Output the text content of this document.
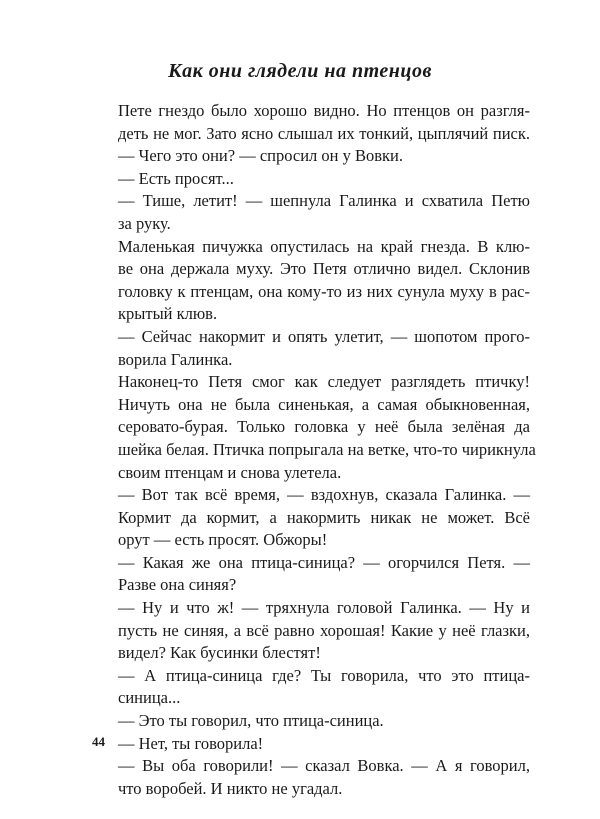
Как они глядели на птенцов
Пете гнездо было хорошо видно. Но птенцов он разгля-
деть не мог. Зато ясно слышал их тонкий, цыплячий писк.
— Чего это они? — спросил он у Вовки.
— Есть просят...
— Тише, летит! — шепнула Галинка и схватила Петю
за руку.
Маленькая пичужка опустилась на край гнезда. В клю-
ве она держала муху. Это Петя отлично видел. Склонив
головку к птенцам, она кому-то из них сунула муху в рас-
крытый клюв.
— Сейчас накормит и опять улетит, — шопотом прого-
ворила Галинка.
Наконец-то Петя смог как следует разглядеть птичку!
Ничуть она не была синенькая, а самая обыкновенная,
серовато-бурая. Только головка у неё была зелёная да
шейка белая. Птичка попрыгала на ветке, что-то чирикнула
своим птенцам и снова улетела.
— Вот так всё время, — вздохнув, сказала Галинка. —
Кормит да кормит, а накормить никак не может. Всё
орут — есть просят. Обжоры!
— Какая же она птица-синица? — огорчился Петя. —
Разве она синяя?
— Ну и что ж! — тряхнула головой Галинка. — Ну и
пусть не синяя, а всё равно хорошая! Какие у неё глазки,
видел? Как бусинки блестят!
— А птица-синица где? Ты говорила, что это птица-
синица...
— Это ты говорил, что птица-синица.
— Нет, ты говорила!
— Вы оба говорили! — сказал Вовка. — А я говорил,
что воробей. И никто не угадал.
44
